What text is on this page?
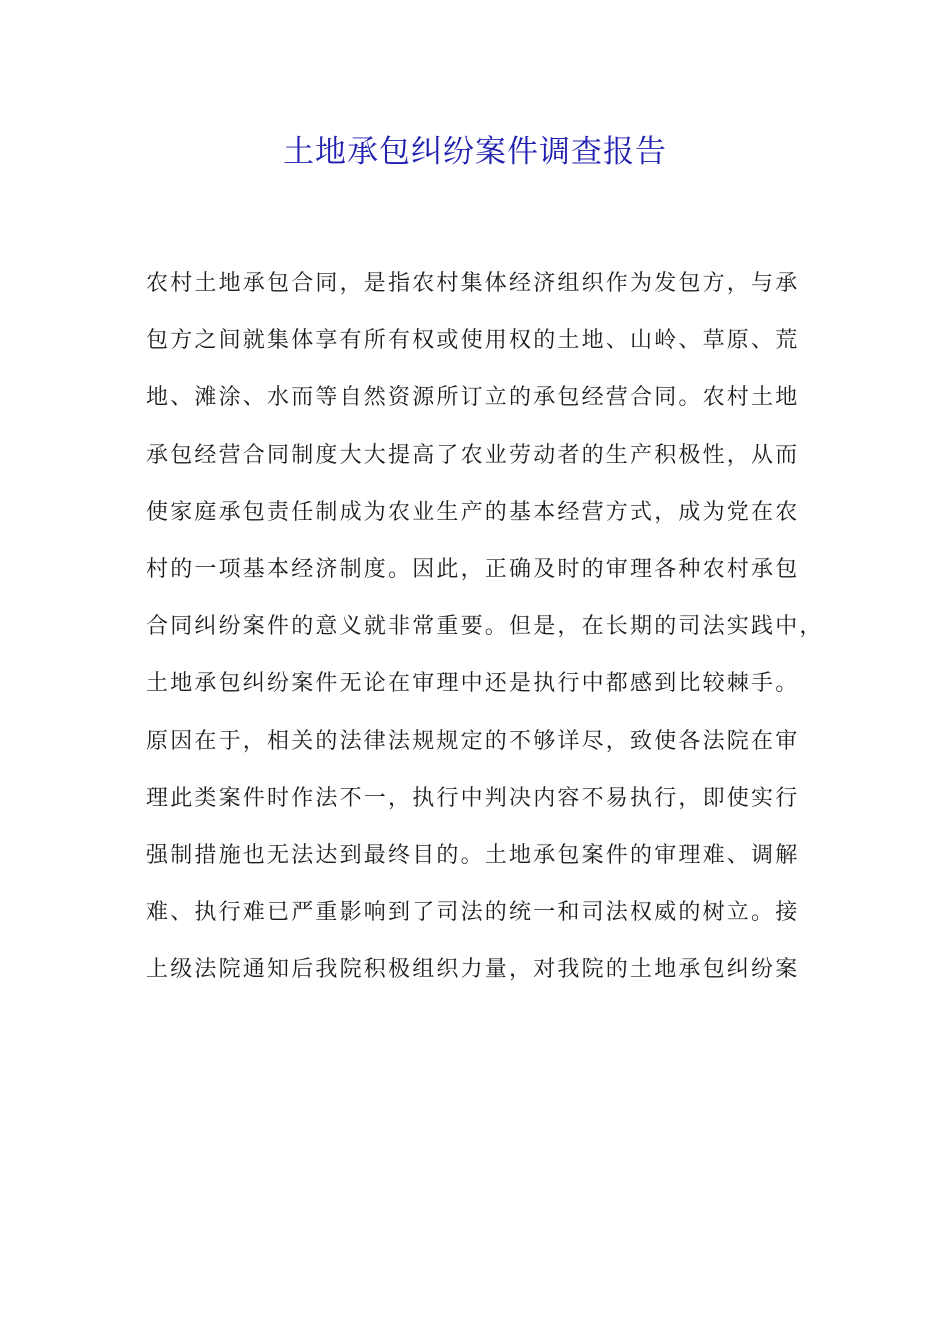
土地承包纠纷案件调查报告
农村土地承包合同，是指农村集体经济组织作为发包方，与承
包方之间就集体享有所有权或使用权的土地、山岭、草原、荒
地、滩涂、水而等自然资源所订立的承包经营合同。农村土地
承包经营合同制度大大提高了农业劳动者的生产积极性，从而
使家庭承包责任制成为农业生产的基本经营方式，成为党在农
村的一项基本经济制度。因此，正确及时的审理各种农村承包
合同纠纷案件的意义就非常重要。但是，在长期的司法实践中，
土地承包纠纷案件无论在审理中还是执行中都感到比较棘手。
原因在于，相关的法律法规规定的不够详尽，致使各法院在审
理此类案件时作法不一，执行中判决内容不易执行，即使实行
强制措施也无法达到最终目的。土地承包案件的审理难、调解
难、执行难已严重影响到了司法的统一和司法权威的树立。接
上级法院通知后我院积极组织力量，对我院的土地承包纠纷案
